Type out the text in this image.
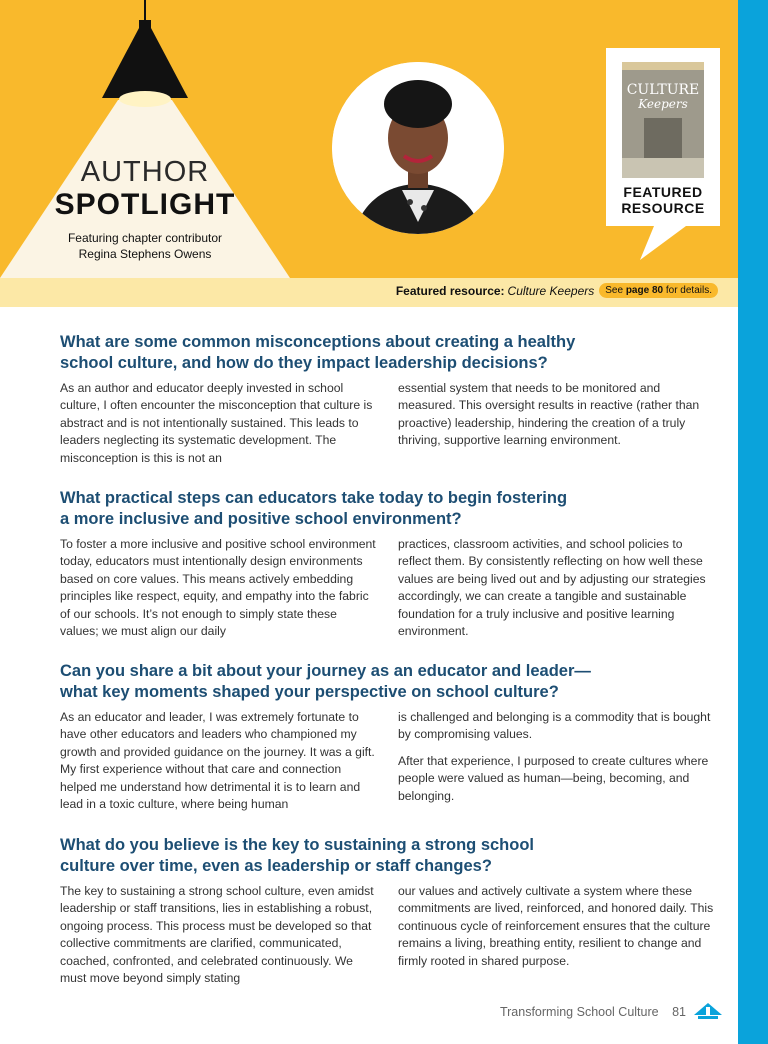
AUTHOR
SPOTLIGHT
Featuring chapter contributor
Regina Stephens Owens
CULTURE
Keepers
FEATURED
RESOURCE
Featured resource: Culture Keepers	See page 80 for details.
What are some common misconceptions about creating a healthy
school culture, and how do they impact leadership decisions?

As an author and educator deeply invested in school culture, I often encounter the misconception that culture is abstract and is not intentionally sustained. This leads to leaders neglecting its systematic development. The misconception is this is not an

essential system that needs to be monitored and measured. This oversight results in reactive (rather than proactive) leadership, hindering the creation of a truly thriving, supportive learning environment.

What practical steps can educators take today to begin fostering
a more inclusive and positive school environment?

To foster a more inclusive and positive school environment today, educators must intentionally design environments based on core values. This means actively embedding principles like respect, equity, and empathy into the fabric of our schools. It’s not enough to simply state these values; we must align our daily

practices, classroom activities, and school policies to reflect them. By consistently reflecting on how well these values are being lived out and by adjusting our strategies accordingly, we can create a tangible and sustainable foundation for a truly inclusive and positive learning environment.

Can you share a bit about your journey as an educator and leader—
what key moments shaped your perspective on school culture?

As an educator and leader, I was extremely fortunate to have other educators and leaders who championed my growth and provided guidance on the journey. It was a gift. My first experience without that care and connection helped me understand how detrimental it is to learn and lead in a toxic culture, where being human

is challenged and belonging is a commodity that is bought by compromising values.

After that experience, I purposed to create cultures where people were valued as human—being, becoming, and belonging.

What do you believe is the key to sustaining a strong school
culture over time, even as leadership or staff changes?

The key to sustaining a strong school culture, even amidst leadership or staff transitions, lies in establishing a robust, ongoing process. This process must be developed so that collective commitments are clarified, communicated, coached, confronted, and celebrated continuously. We must move beyond simply stating

our values and actively cultivate a system where these commitments are lived, reinforced, and honored daily. This continuous cycle of reinforcement ensures that the culture remains a living, breathing entity, resilient to change and firmly rooted in shared purpose.

Transforming School Culture 81
